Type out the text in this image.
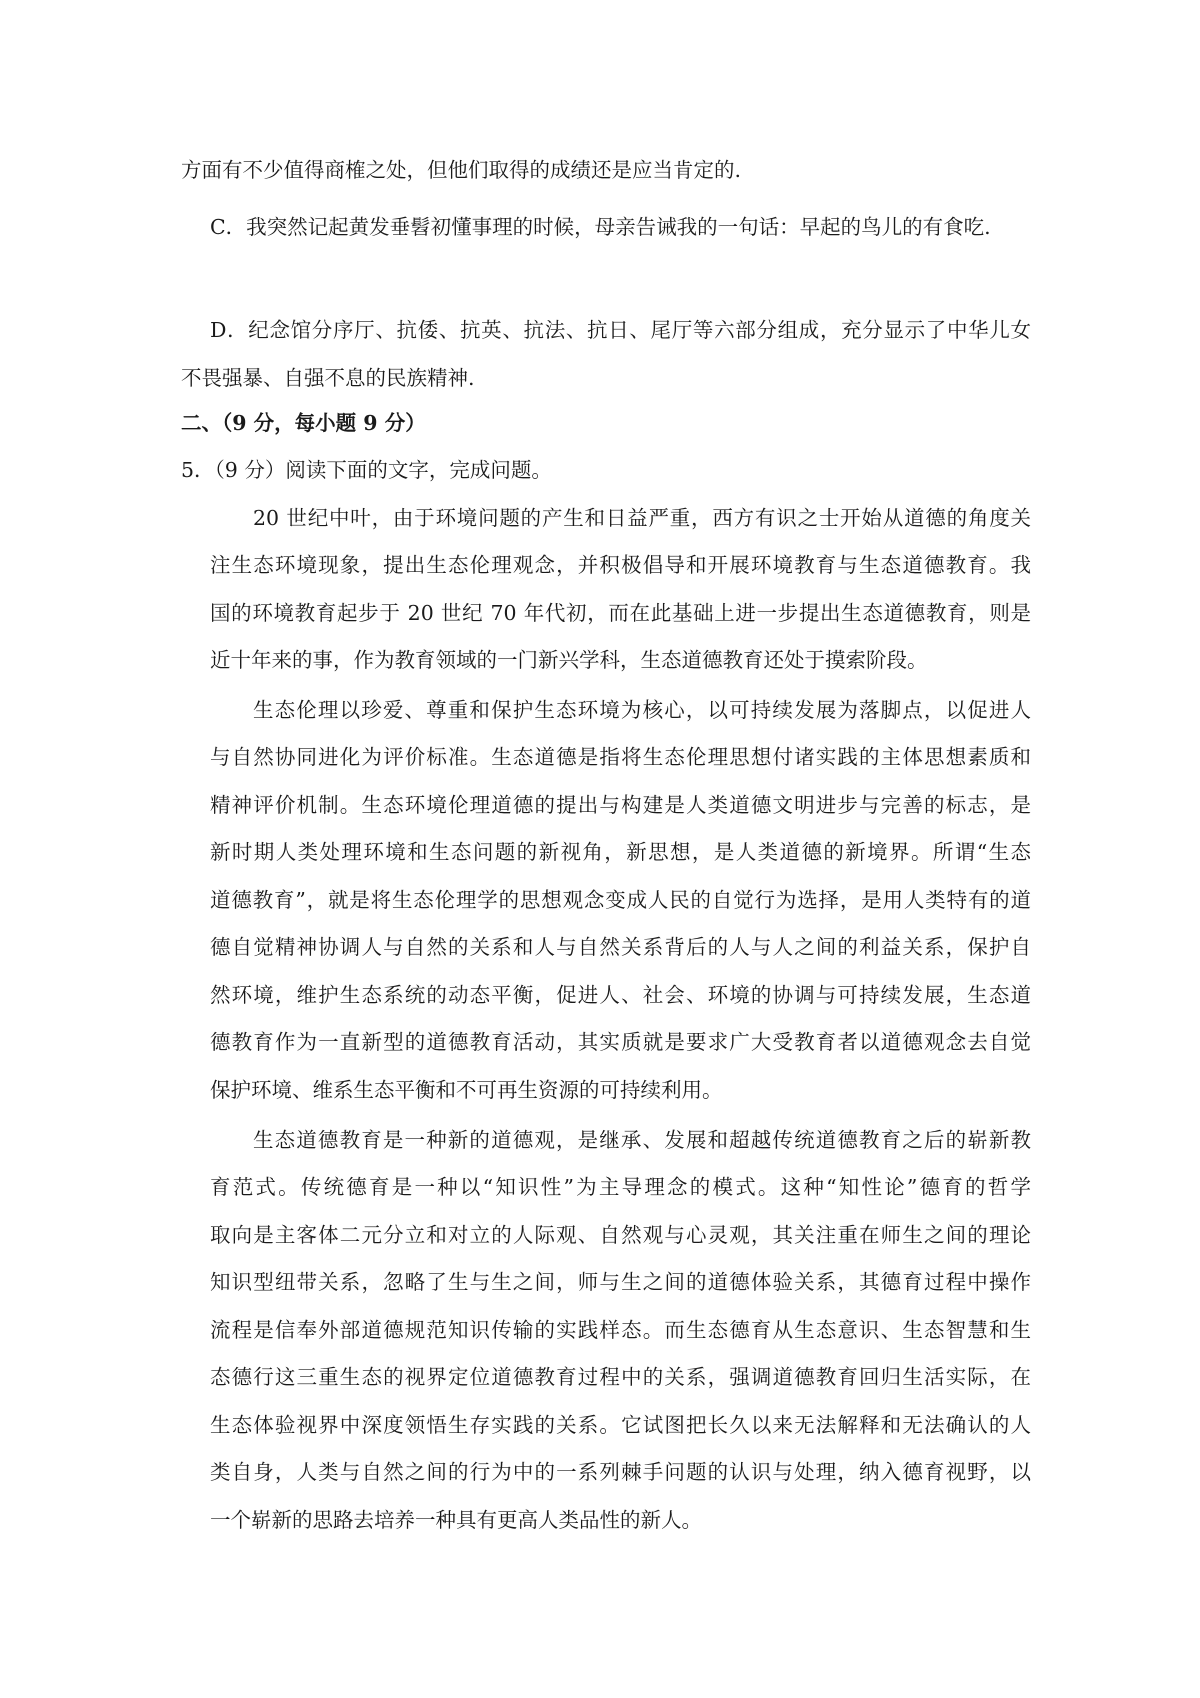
方面有不少值得商榷之处，但他们取得的成绩还是应当肯定的.
C．我突然记起黄发垂髫初懂事理的时候，母亲告诫我的一句话：早起的鸟儿的有食吃.
D．纪念馆分序厅、抗倭、抗英、抗法、抗日、尾厅等六部分组成，充分显示了中华儿女
不畏强暴、自强不息的民族精神.
二、（9 分，每小题 9 分）
5．（9 分）阅读下面的文字，完成问题。
20 世纪中叶，由于环境问题的产生和日益严重，西方有识之士开始从道德的角度关
注生态环境现象，提出生态伦理观念，并积极倡导和开展环境教育与生态道德教育。我
国的环境教育起步于 20 世纪 70 年代初，而在此基础上进一步提出生态道德教育，则是
近十年来的事，作为教育领域的一门新兴学科，生态道德教育还处于摸索阶段。
生态伦理以珍爱、尊重和保护生态环境为核心，以可持续发展为落脚点，以促进人
与自然协同进化为评价标准。生态道德是指将生态伦理思想付诸实践的主体思想素质和
精神评价机制。生态环境伦理道德的提出与构建是人类道德文明进步与完善的标志，是
新时期人类处理环境和生态问题的新视角，新思想，是人类道德的新境界。所谓“生态
道德教育”，就是将生态伦理学的思想观念变成人民的自觉行为选择，是用人类特有的道
德自觉精神协调人与自然的关系和人与自然关系背后的人与人之间的利益关系，保护自
然环境，维护生态系统的动态平衡，促进人、社会、环境的协调与可持续发展，生态道
德教育作为一直新型的道德教育活动，其实质就是要求广大受教育者以道德观念去自觉
保护环境、维系生态平衡和不可再生资源的可持续利用。
生态道德教育是一种新的道德观，是继承、发展和超越传统道德教育之后的崭新教
育范式。传统德育是一种以“知识性”为主导理念的模式。这种“知性论”德育的哲学
取向是主客体二元分立和对立的人际观、自然观与心灵观，其关注重在师生之间的理论
知识型纽带关系，忽略了生与生之间，师与生之间的道德体验关系，其德育过程中操作
流程是信奉外部道德规范知识传输的实践样态。而生态德育从生态意识、生态智慧和生
态德行这三重生态的视界定位道德教育过程中的关系，强调道德教育回归生活实际，在
生态体验视界中深度领悟生存实践的关系。它试图把长久以来无法解释和无法确认的人
类自身，人类与自然之间的行为中的一系列棘手问题的认识与处理，纳入德育视野，以
一个崭新的思路去培养一种具有更高人类品性的新人。
